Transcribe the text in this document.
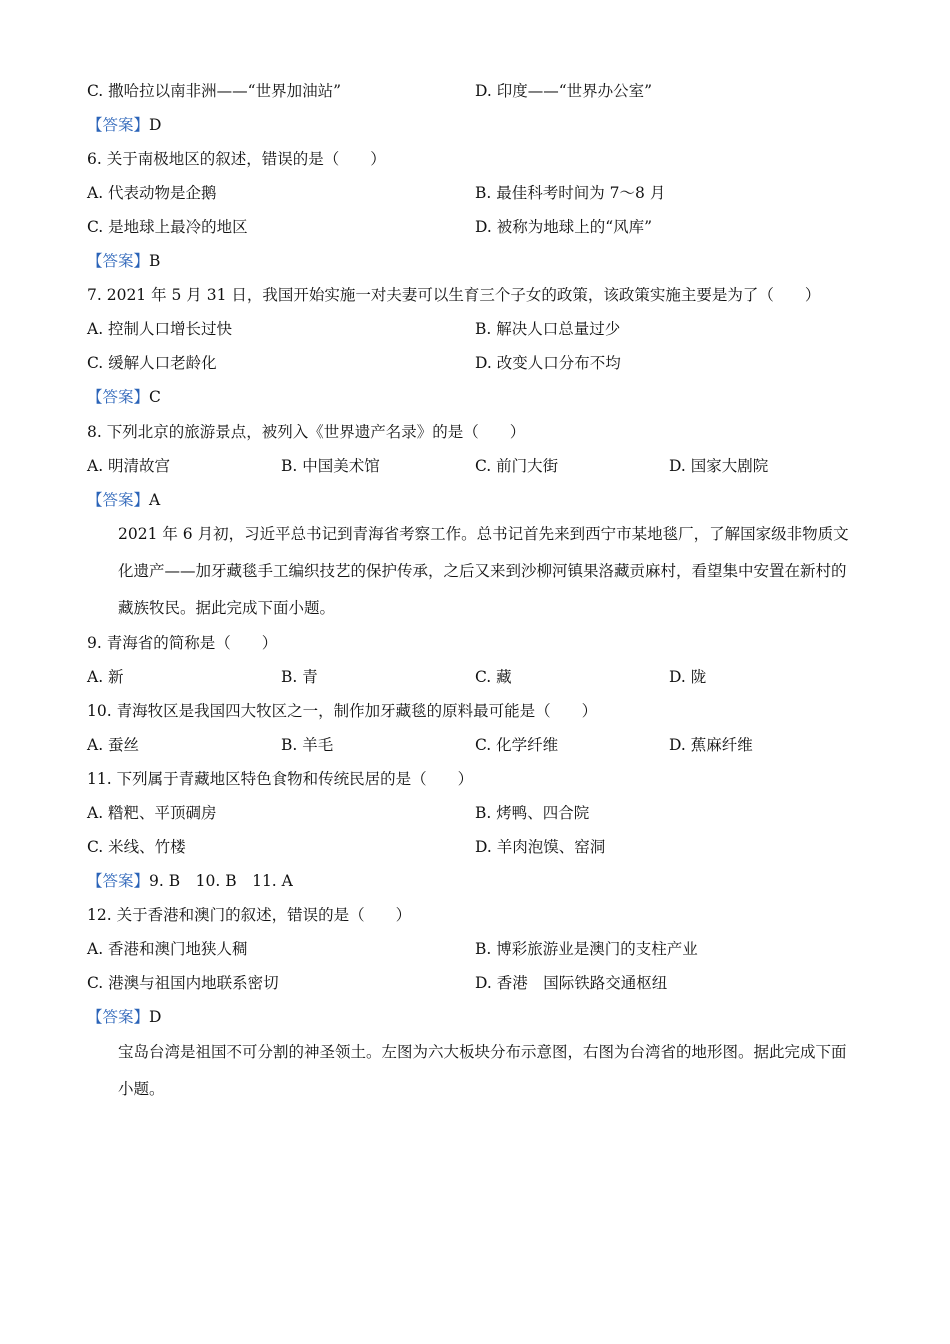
C. 撒哈拉以南非洲——“世界加油站”	D. 印度——“世界办公室”
【答案】D
6. 关于南极地区的叙述，错误的是（　　）
A. 代表动物是企鹅	B. 最佳科考时间为 7～8 月
C. 是地球上最冷的地区	D. 被称为地球上的“风库”
【答案】B
7. 2021 年 5 月 31 日，我国开始实施一对夫妻可以生育三个子女的政策，该政策实施主要是为了（　　）
A. 控制人口增长过快	B. 解决人口总量过少
C. 缓解人口老龄化	D. 改变人口分布不均
【答案】C
8. 下列北京的旅游景点，被列入《世界遗产名录》的是（　　）
A. 明清故宫	B. 中国美术馆	C. 前门大街	D. 国家大剧院
【答案】A
2021 年 6 月初，习近平总书记到青海省考察工作。总书记首先来到西宁市某地毯厂，了解国家级非物质文化遗产——加牙藏毯手工编织技艺的保护传承，之后又来到沙柳河镇果洛藏贡麻村，看望集中安置在新村的藏族牧民。据此完成下面小题。
9. 青海省的简称是（　　）
A. 新	B. 青	C. 藏	D. 陇
10. 青海牧区是我国四大牧区之一，制作加牙藏毯的原料最可能是（　　）
A. 蚕丝	B. 羊毛	C. 化学纤维	D. 蕉麻纤维
11. 下列属于青藏地区特色食物和传统民居的是（　　）
A. 糌粑、平顶碉房	B. 烤鸭、四合院
C. 米线、竹楼	D. 羊肉泡馍、窑洞
【答案】9. B　10. B　11. A
12. 关于香港和澳门的叙述，错误的是（　　）
A. 香港和澳门地狭人稠	B. 博彩旅游业是澳门的支柱产业
C. 港澳与祖国内地联系密切	D. 香港　国际铁路交通枢纽
【答案】D
宝岛台湾是祖国不可分割的神圣领土。左图为六大板块分布示意图，右图为台湾省的地形图。据此完成下面小题。
